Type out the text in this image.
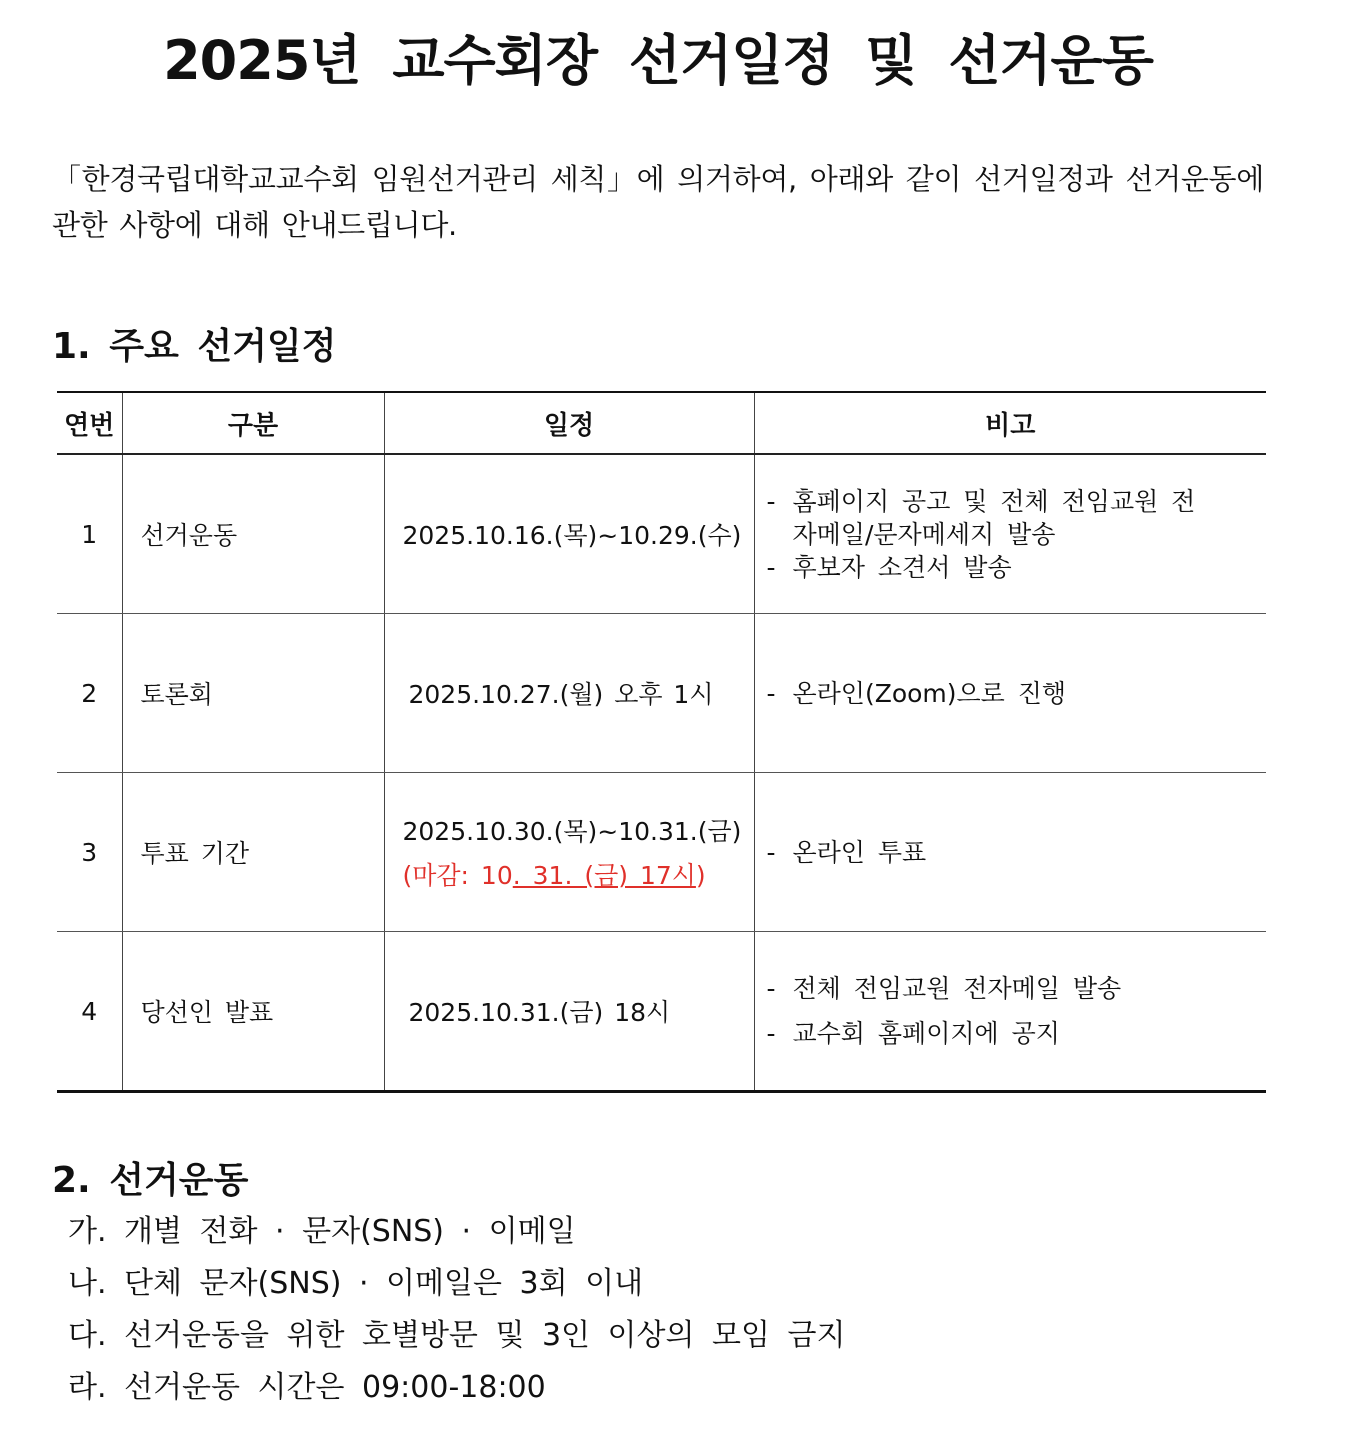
2025년 교수회장 선거일정 및 선거운동
「한경국립대학교교수회 임원선거관리 세칙」에 의거하여, 아래와 같이 선거일정과 선거운동에 관한 사항에 대해 안내드립니다.
1. 주요 선거일정
연번	구분	일정	비고
1	선거운동	2025.10.16.(목)~10.29.(수)	- 홈페이지 공고 및 전체 전임교원 전
자메일/문자메세지 발송
- 후보자 소견서 발송

2	토론회	2025.10.27.(월) 오후 1시	- 온라인(Zoom)으로 진행

3	투표 기간	2025.10.30.(목)~10.31.(금)
(마감: 10. 31. (금) 17시)	- 온라인 투표

4	당선인 발표	2025.10.31.(금) 18시	- 전체 전임교원 전자메일 발송
- 교수회 홈페이지에 공지
2. 선거운동
가. 개별 전화 · 문자(SNS) · 이메일
나. 단체 문자(SNS) · 이메일은 3회 이내
다. 선거운동을 위한 호별방문 및 3인 이상의 모임 금지
라. 선거운동 시간은 09:00-18:00
